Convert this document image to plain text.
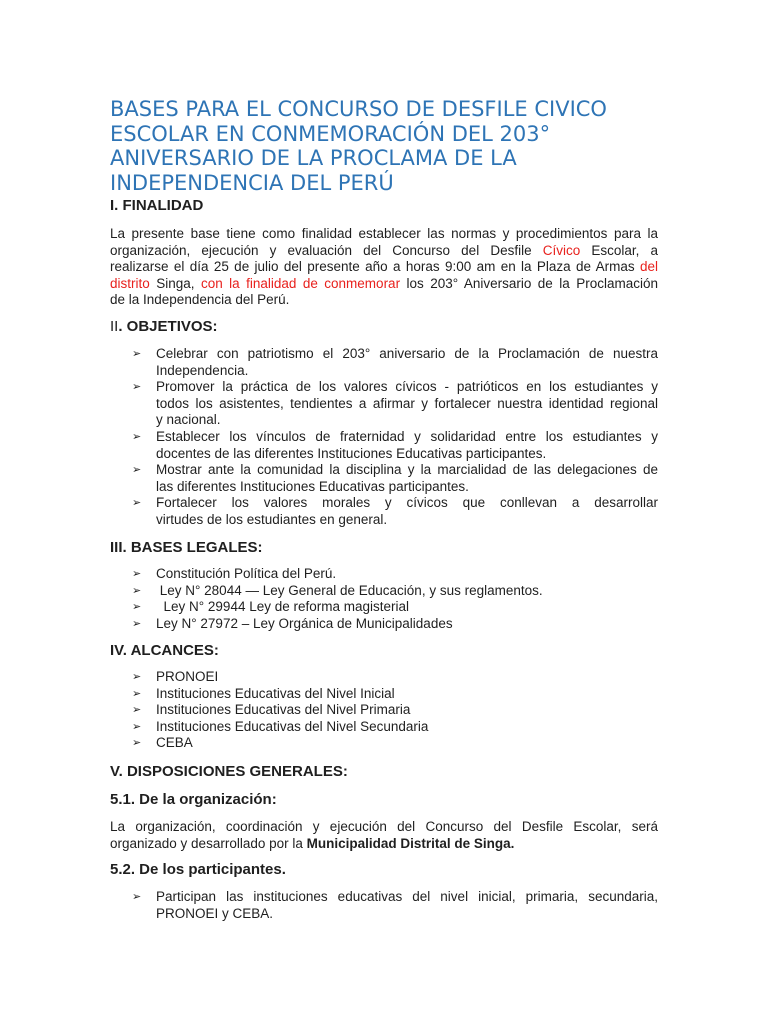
BASES PARA EL CONCURSO DE DESFILE CIVICO
ESCOLAR EN CONMEMORACIÓN DEL 203°
ANIVERSARIO DE LA PROCLAMA DE LA
INDEPENDENCIA DEL PERÚ
I. FINALIDAD
La presente base tiene como finalidad establecer las normas y procedimientos para la
organización, ejecución y evaluación del Concurso del Desfile Cívico Escolar, a
realizarse el día 25 de julio del presente año a horas 9:00 am en la Plaza de Armas del
distrito Singa, con la finalidad de conmemorar los 203° Aniversario de la Proclamación
de la Independencia del Perú.
II. OBJETIVOS:
➢ Celebrar con patriotismo el 203° aniversario de la Proclamación de nuestra
Independencia.
➢ Promover la práctica de los valores cívicos - patrióticos en los estudiantes y
todos los asistentes, tendientes a afirmar y fortalecer nuestra identidad regional
y nacional.
➢ Establecer los vínculos de fraternidad y solidaridad entre los estudiantes y
docentes de las diferentes Instituciones Educativas participantes.
➢ Mostrar ante la comunidad la disciplina y la marcialidad de las delegaciones de
las diferentes Instituciones Educativas participantes.
➢ Fortalecer los valores morales y cívicos que conllevan a desarrollar
virtudes de los estudiantes en general.
III. BASES LEGALES:
➢ Constitución Política del Perú.
➢ Ley N° 28044 — Ley General de Educación, y sus reglamentos.
➢ Ley N° 29944 Ley de reforma magisterial
➢ Ley N° 27972 – Ley Orgánica de Municipalidades
IV. ALCANCES:
➢ PRONOEI
➢ Instituciones Educativas del Nivel Inicial
➢ Instituciones Educativas del Nivel Primaria
➢ Instituciones Educativas del Nivel Secundaria
➢ CEBA
V. DISPOSICIONES GENERALES:
5.1. De la organización:
La organización, coordinación y ejecución del Concurso del Desfile Escolar, será
organizado y desarrollado por la Municipalidad Distrital de Singa.
5.2. De los participantes.
➢ Participan las instituciones educativas del nivel inicial, primaria, secundaria,
PRONOEI y CEBA.
